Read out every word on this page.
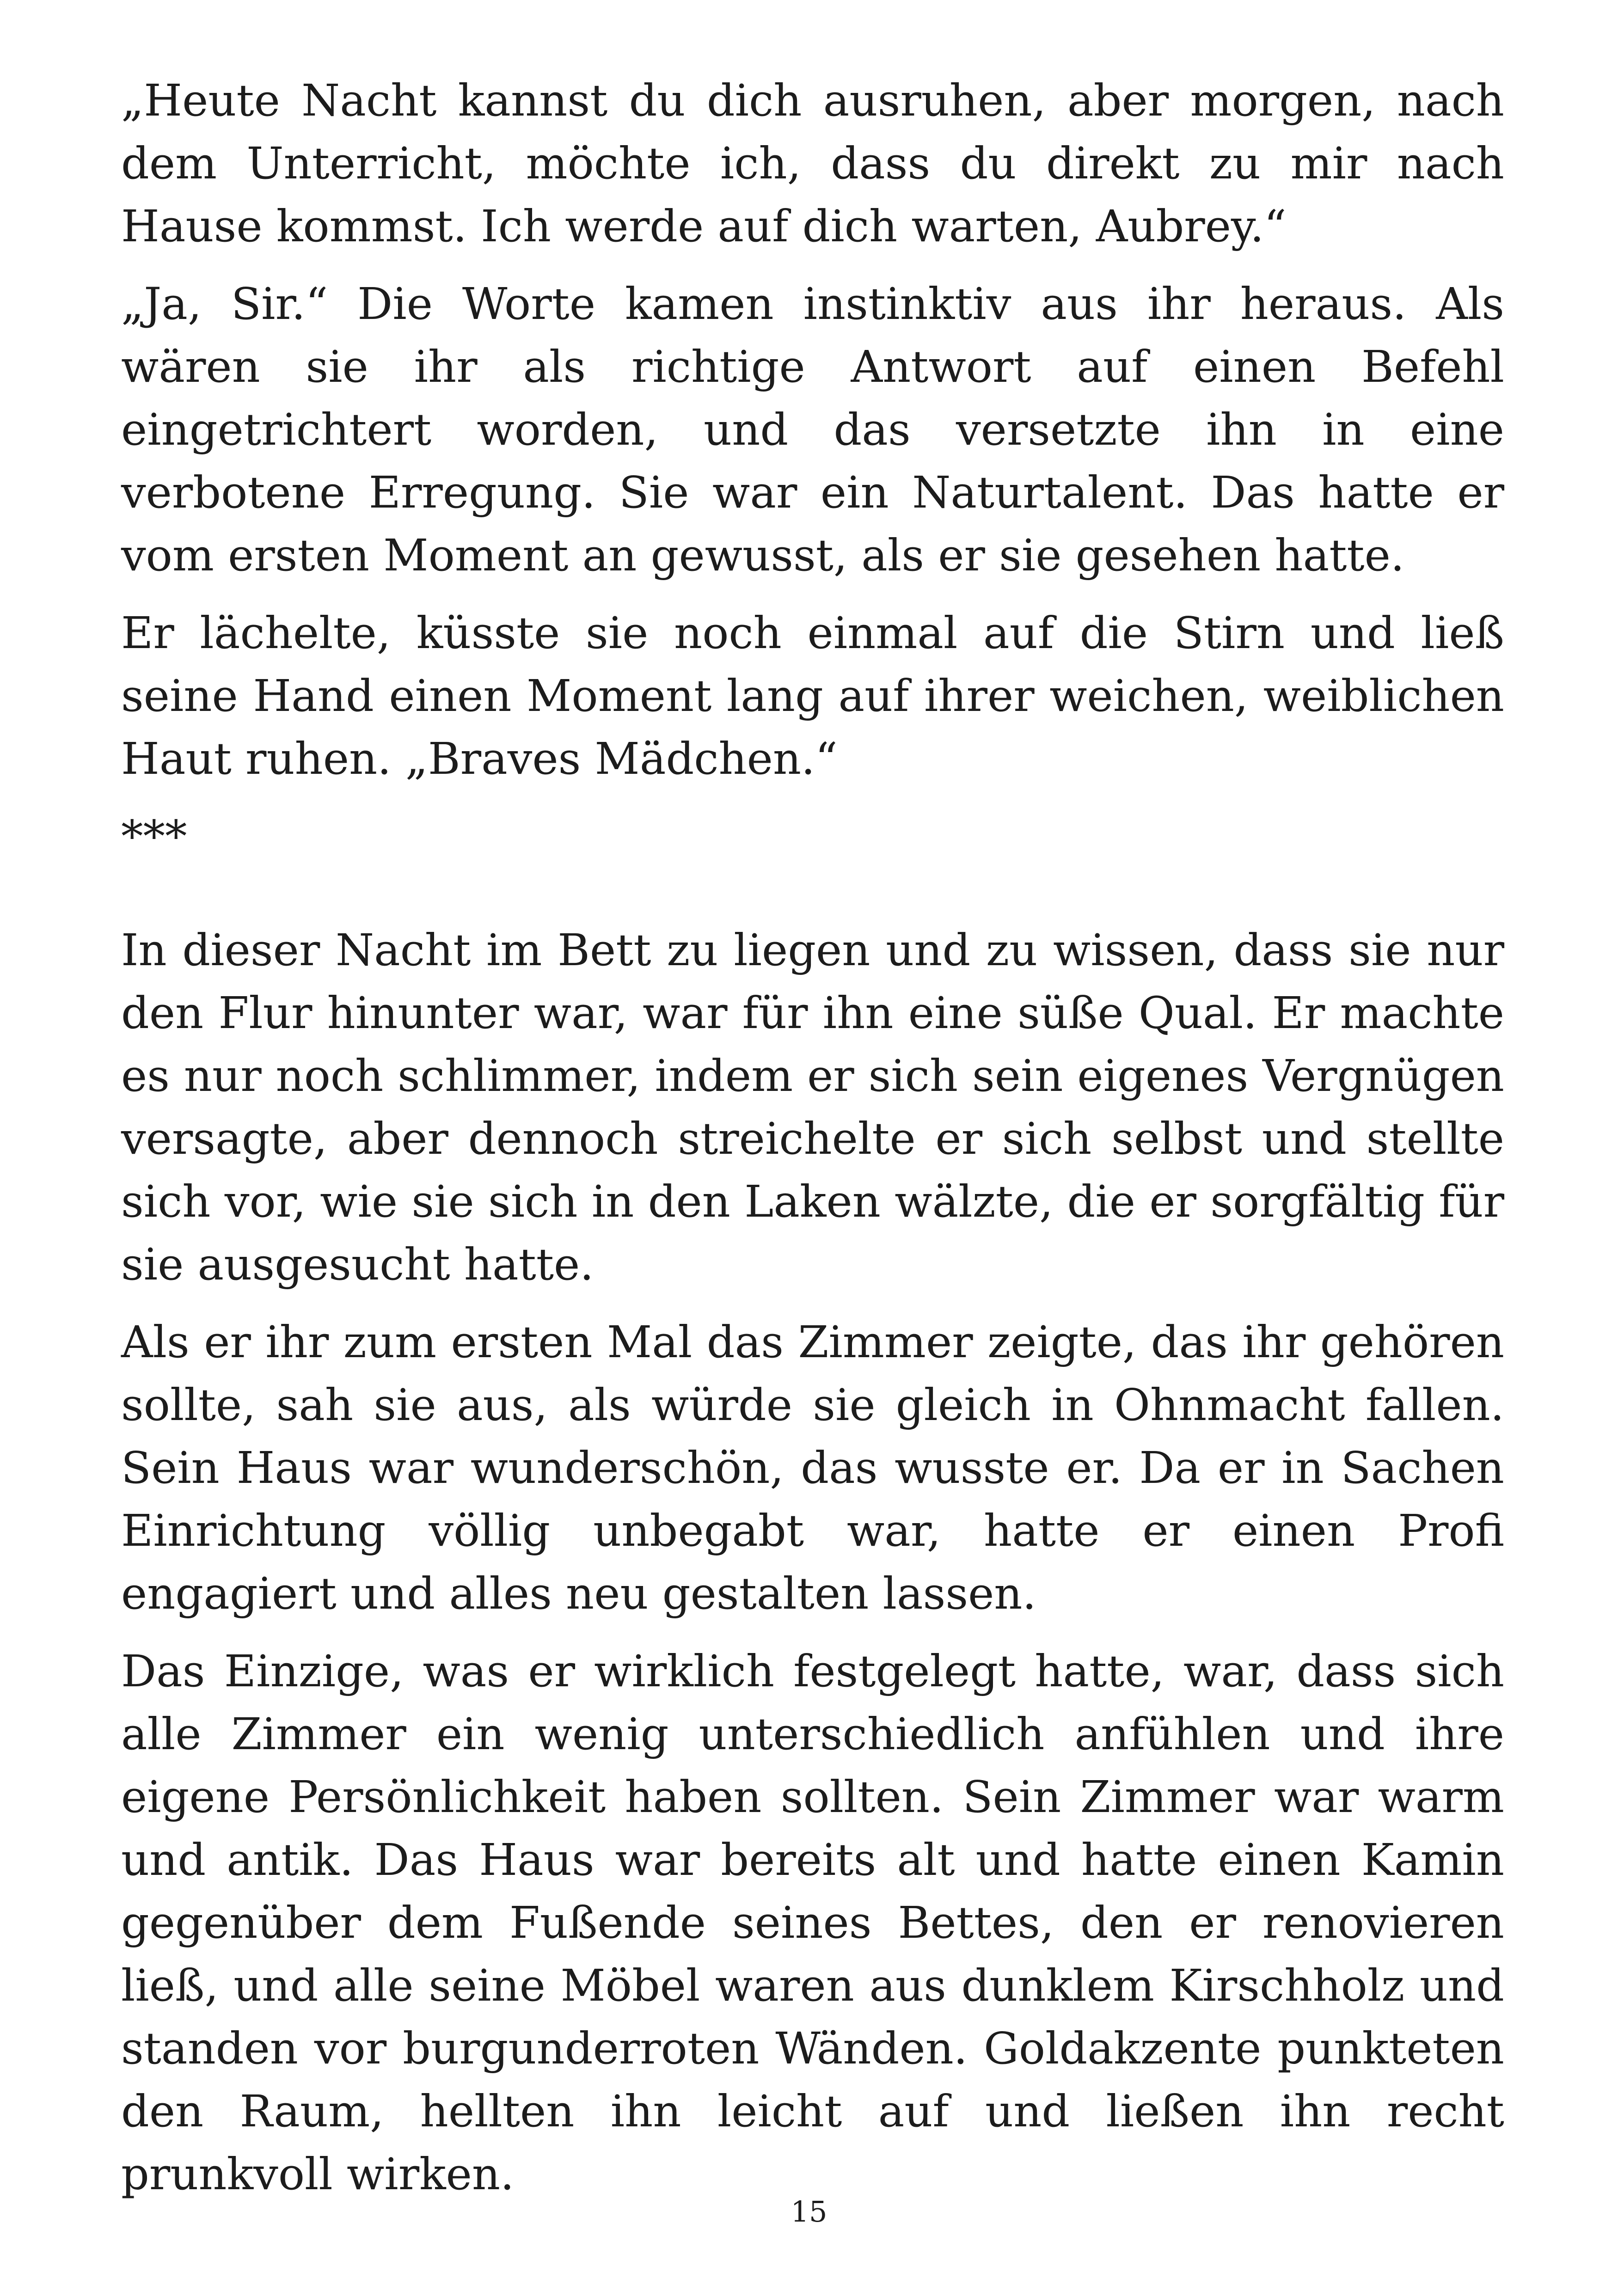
„Heute Nacht kannst du dich ausruhen, aber morgen, nach dem Unterricht, möchte ich, dass du direkt zu mir nach Hause kommst. Ich werde auf dich warten, Aubrey.“

„Ja, Sir.“ Die Worte kamen instinktiv aus ihr heraus. Als wären sie ihr als richtige Antwort auf einen Befehl eingetrichtert worden, und das versetzte ihn in eine verbotene Erregung. Sie war ein Naturtalent. Das hatte er vom ersten Moment an gewusst, als er sie gesehen hatte.

Er lächelte, küsste sie noch einmal auf die Stirn und ließ seine Hand einen Moment lang auf ihrer weichen, weiblichen Haut ruhen. „Braves Mädchen.“

***

In dieser Nacht im Bett zu liegen und zu wissen, dass sie nur den Flur hinunter war, war für ihn eine süße Qual. Er machte es nur noch schlimmer, indem er sich sein eigenes Vergnügen versagte, aber dennoch streichelte er sich selbst und stellte sich vor, wie sie sich in den Laken wälzte, die er sorgfältig für sie ausgesucht hatte.

Als er ihr zum ersten Mal das Zimmer zeigte, das ihr gehören sollte, sah sie aus, als würde sie gleich in Ohnmacht fallen. Sein Haus war wunderschön, das wusste er. Da er in Sachen Einrichtung völlig unbegabt war, hatte er einen Profi engagiert und alles neu gestalten lassen.

Das Einzige, was er wirklich festgelegt hatte, war, dass sich alle Zimmer ein wenig unterschiedlich anfühlen und ihre eigene Persönlichkeit haben sollten. Sein Zimmer war warm und antik. Das Haus war bereits alt und hatte einen Kamin gegenüber dem Fußende seines Bettes, den er renovieren ließ, und alle seine Möbel waren aus dunklem Kirschholz und standen vor burgunderroten Wänden. Goldakzente punkteten den Raum, hellten ihn leicht auf und ließen ihn recht prunkvoll wirken.

15
